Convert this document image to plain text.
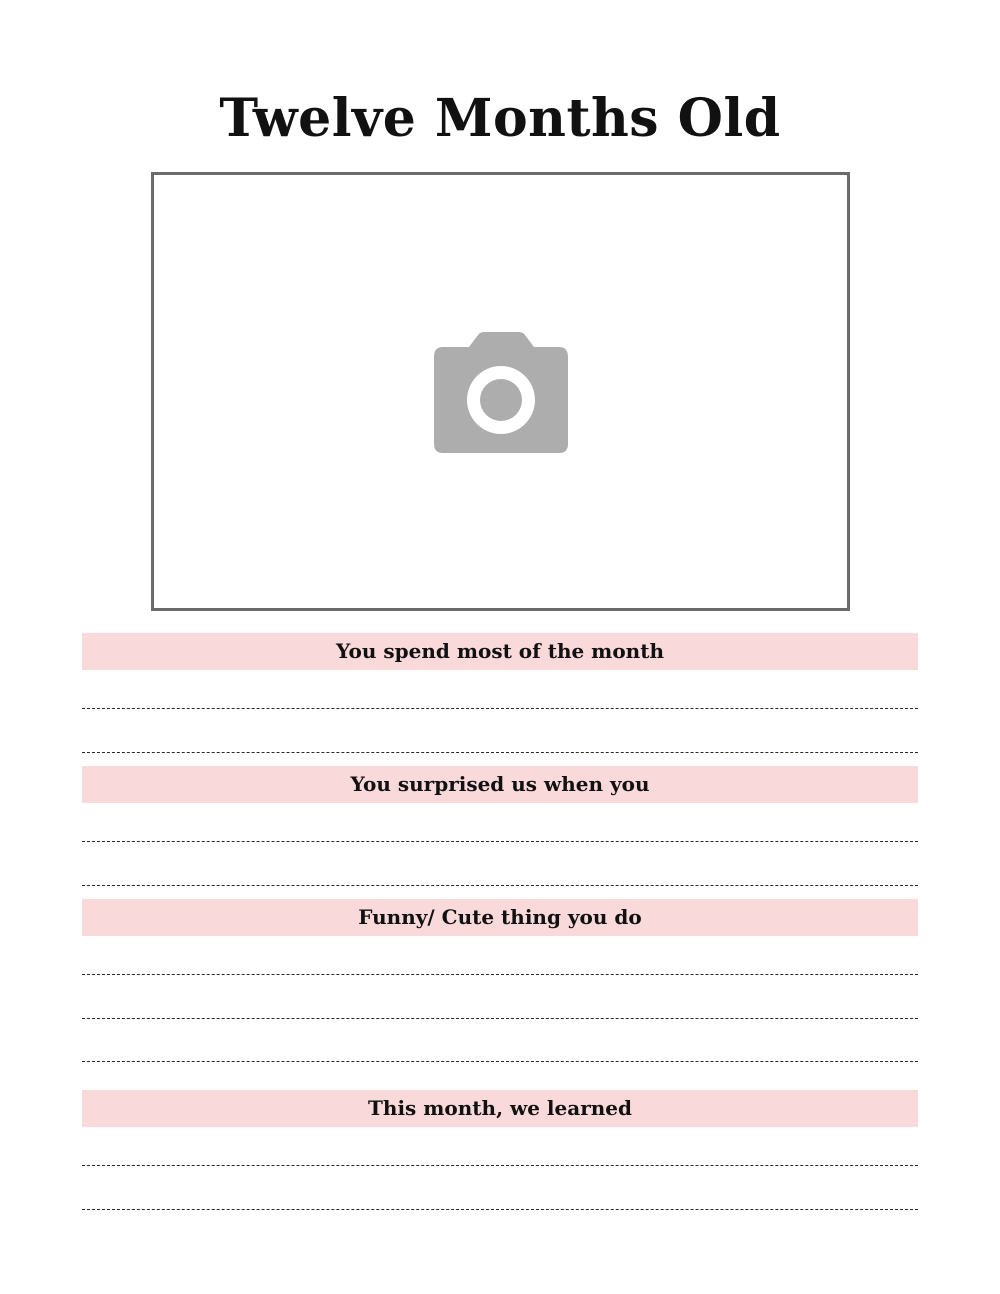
Twelve Months Old
You spend most of the month
You surprised us when you
Funny/ Cute thing you do
This month, we learned
